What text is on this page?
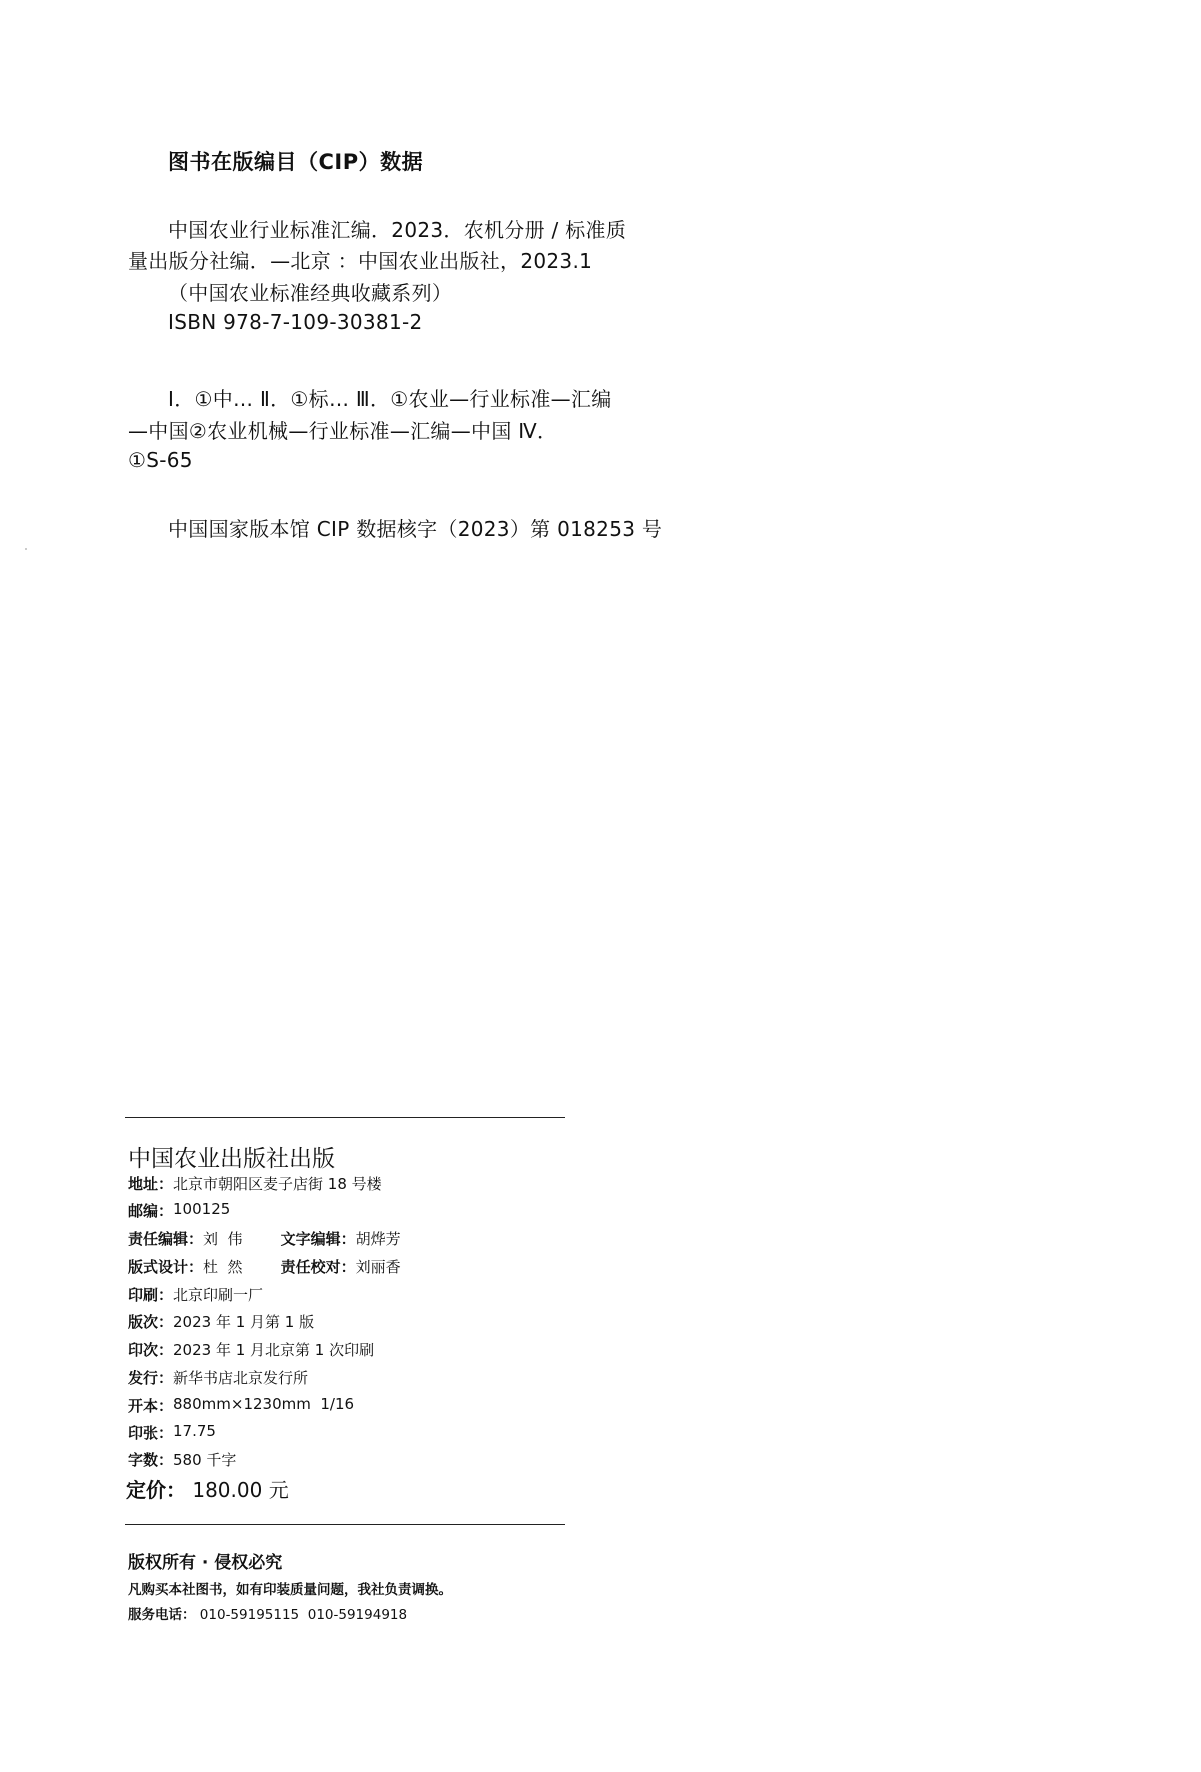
图书在版编目（CIP）数据
中国农业行业标准汇编．2023．农机分册 / 标准质
量出版分社编．—北京 ：中国农业出版社，2023.1
（中国农业标准经典收藏系列）
ISBN 978-7-109-30381-2
Ⅰ．①中… Ⅱ．①标… Ⅲ．①农业—行业标准—汇编
—中国②农业机械—行业标准—汇编—中国 Ⅳ．
①S-65
中国国家版本馆 CIP 数据核字（2023）第 018253 号
中国农业出版社出版
地址： 北京市朝阳区麦子店街 18 号楼
邮编： 100125
责任编辑： 刘  伟	文字编辑： 胡烨芳
版式设计： 杜  然	责任校对： 刘丽香
印刷： 北京印刷一厂
版次： 2023 年 1 月第 1 版
印次： 2023 年 1 月北京第 1 次印刷
发行： 新华书店北京发行所
开本： 880mm×1230mm  1/16
印张： 17.75
字数： 580 千字
定价： 180.00 元
版权所有 · 侵权必究
凡购买本社图书，如有印装质量问题，我社负责调换。
服务电话： 010-59195115  010-59194918
